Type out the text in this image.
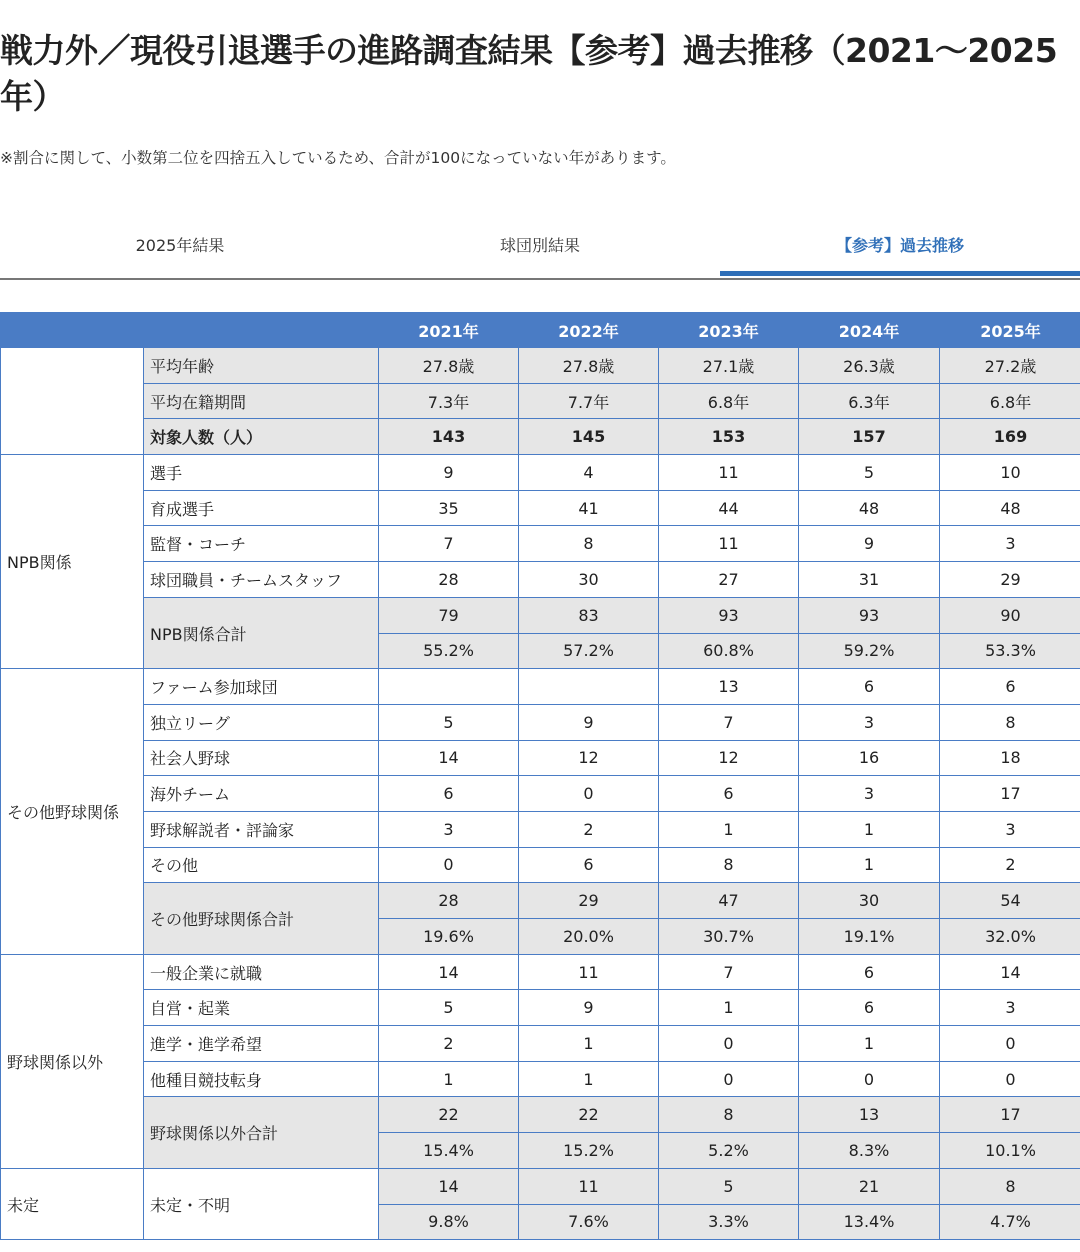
戦力外／現役引退選手の進路調査結果【参考】過去推移（2021～2025年）

※割合に関して、小数第二位を四捨五入しているため、合計が100になっていない年があります。

2025年結果	球団別結果	【参考】過去推移
		2021年	2022年	2023年	2024年	2025年
	平均年齢	27.8歳	27.8歳	27.1歳	26.3歳	27.2歳
	平均在籍期間	7.3年	7.7年	6.8年	6.3年	6.8年
	対象人数（人）	143	145	153	157	169
NPB関係	選手	9	4	11	5	10
	育成選手	35	41	44	48	48
	監督・コーチ	7	8	11	9	3
	球団職員・チームスタッフ	28	30	27	31	29
	NPB関係合計	79	83	93	93	90
		55.2%	57.2%	60.8%	59.2%	53.3%
その他野球関係	ファーム参加球団			13	6	6
	独立リーグ	5	9	7	3	8
	社会人野球	14	12	12	16	18
	海外チーム	6	0	6	3	17
	野球解説者・評論家	3	2	1	1	3
	その他	0	6	8	1	2
	その他野球関係合計	28	29	47	30	54
		19.6%	20.0%	30.7%	19.1%	32.0%
野球関係以外	一般企業に就職	14	11	7	6	14
	自営・起業	5	9	1	6	3
	進学・進学希望	2	1	0	1	0
	他種目競技転身	1	1	0	0	0
	野球関係以外合計	22	22	8	13	17
		15.4%	15.2%	5.2%	8.3%	10.1%
未定	未定・不明	14	11	5	21	8
		9.8%	7.6%	3.3%	13.4%	4.7%
